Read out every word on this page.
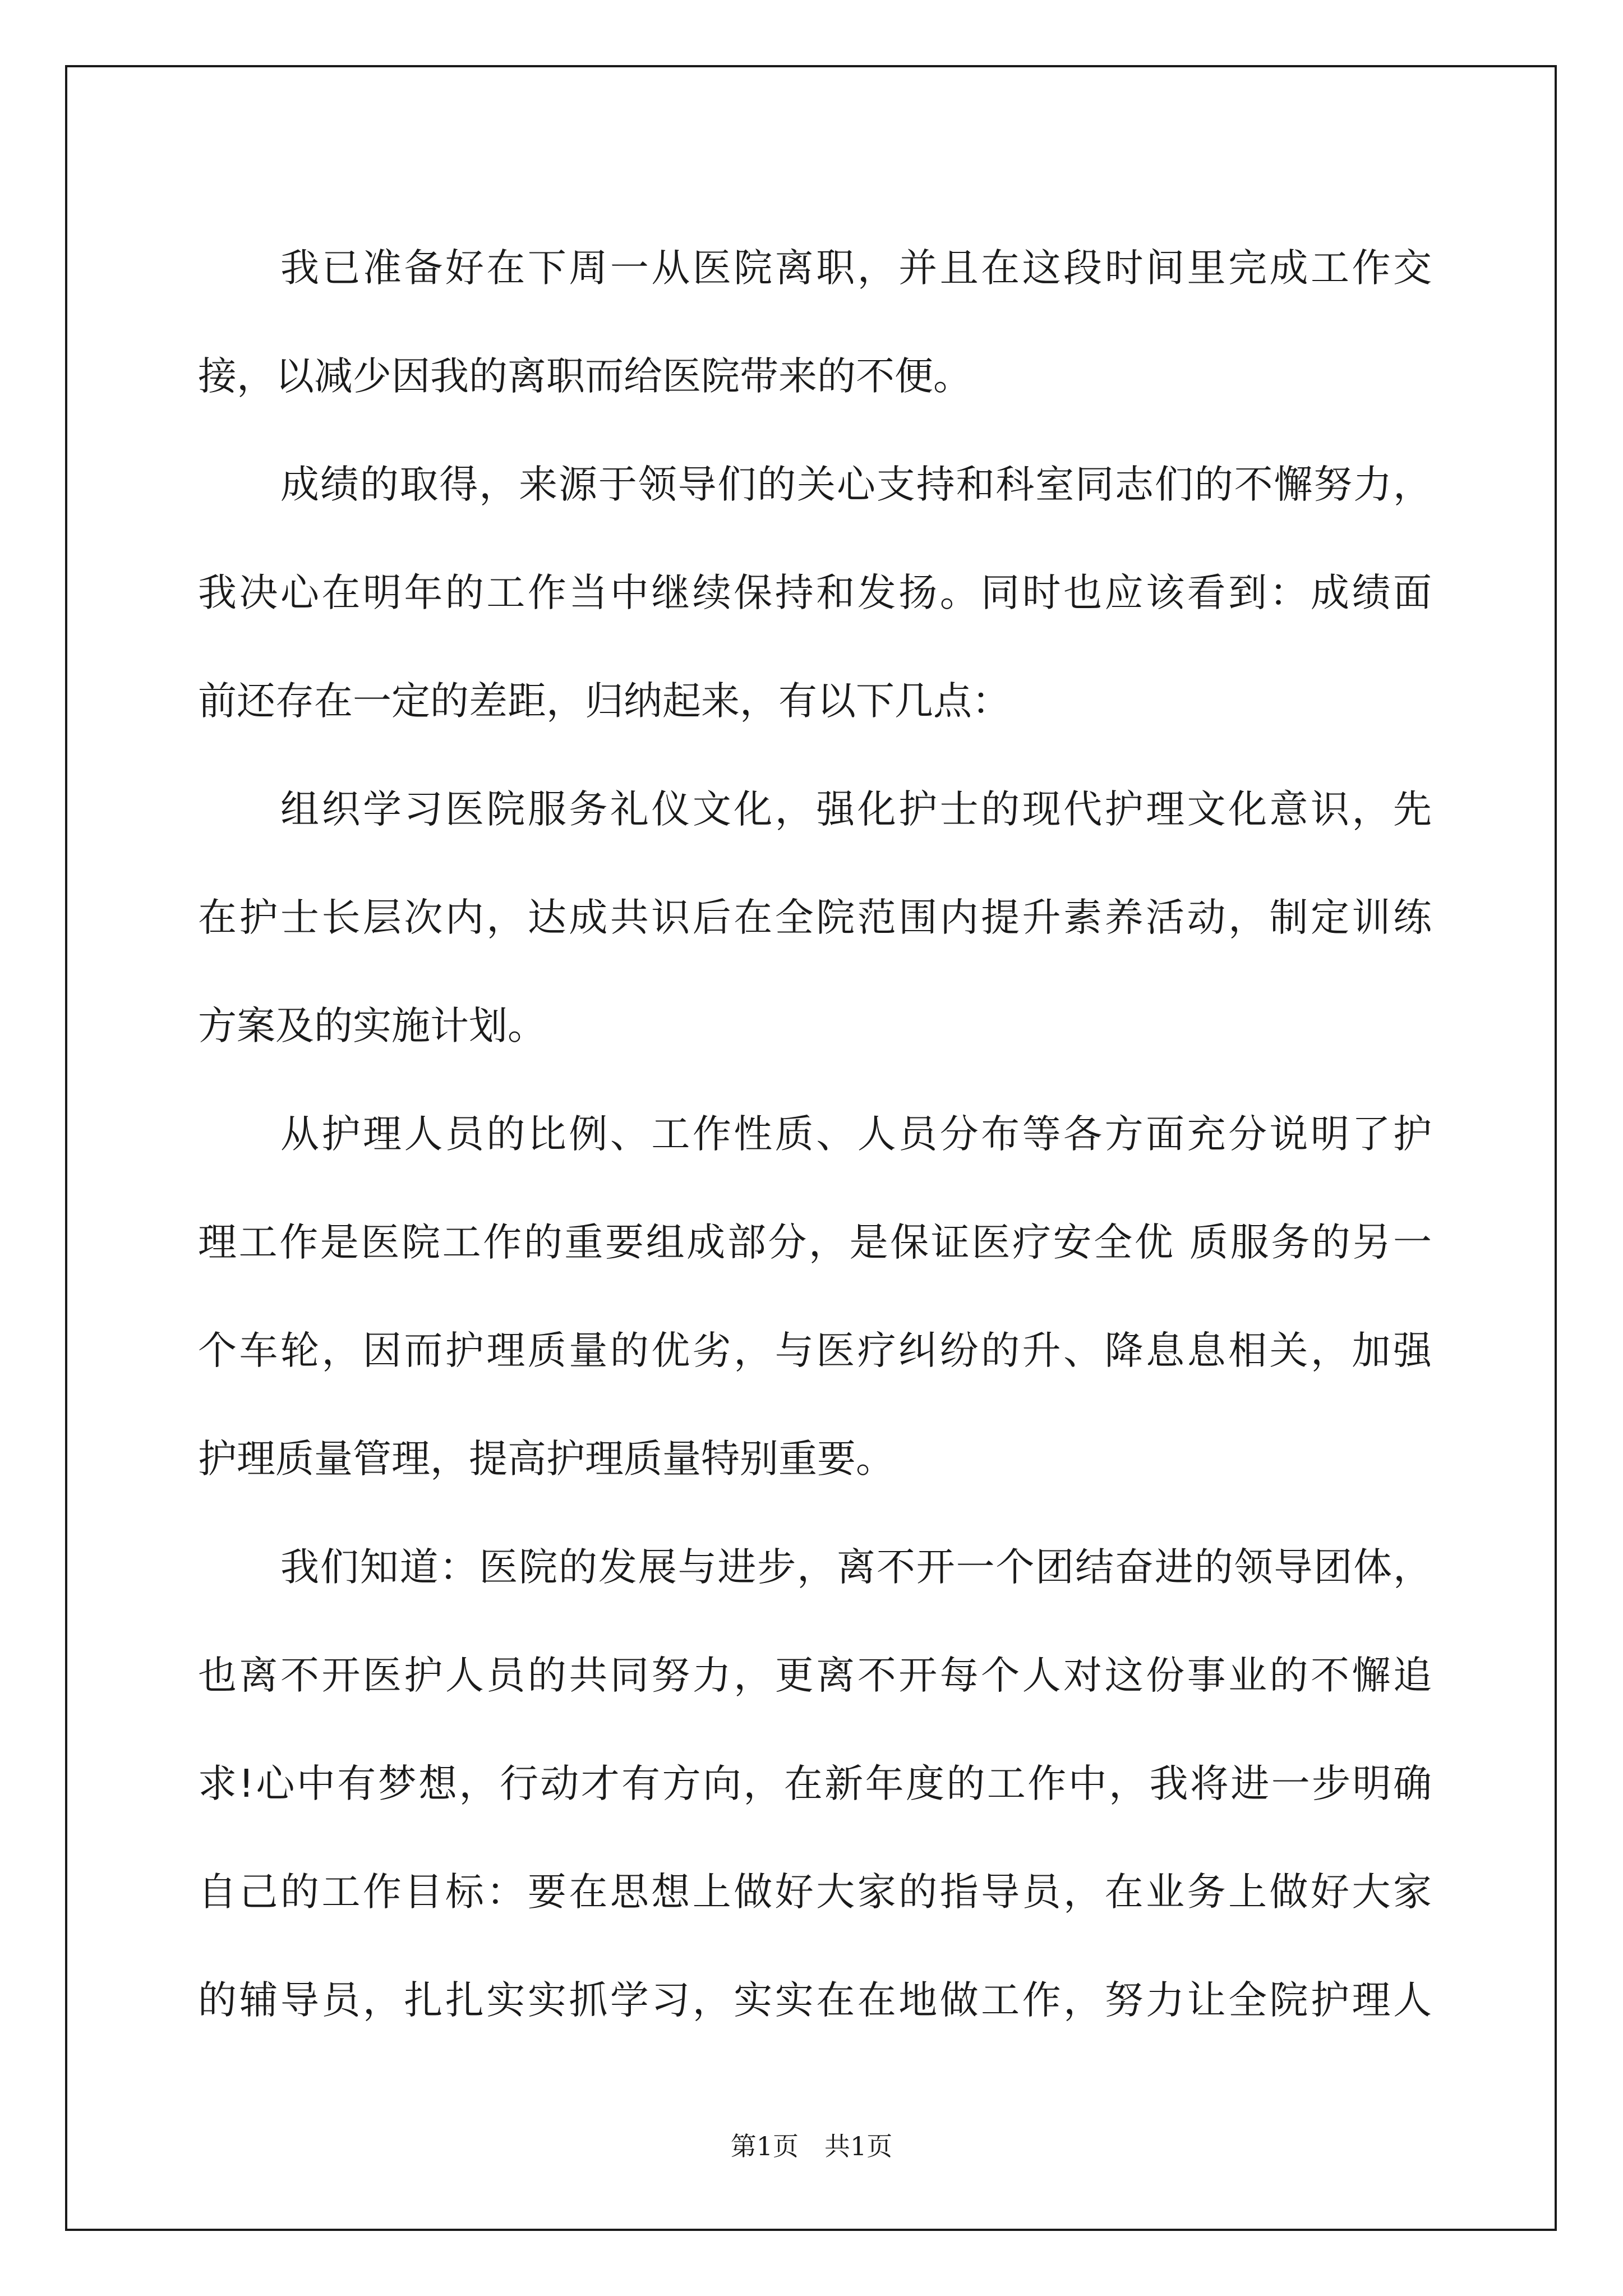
我已准备好在下周一从医院离职，并且在这段时间里完成工作交
接，以减少因我的离职而给医院带来的不便。
成绩的取得，来源于领导们的关心支持和科室同志们的不懈努力，
我决心在明年的工作当中继续保持和发扬。同时也应该看到：成绩面
前还存在一定的差距，归纳起来，有以下几点：
组织学习医院服务礼仪文化，强化护士的现代护理文化意识，先
在护士长层次内，达成共识后在全院范围内提升素养活动，制定训练
方案及的实施计划。
从护理人员的比例、工作性质、人员分布等各方面充分说明了护
理工作是医院工作的重要组成部分，是保证医疗安全优 质服务的另一
个车轮，因而护理质量的优劣，与医疗纠纷的升、降息息相关，加强
护理质量管理，提高护理质量特别重要。
我们知道：医院的发展与进步，离不开一个团结奋进的领导团体，
也离不开医护人员的共同努力，更离不开每个人对这份事业的不懈追
求!心中有梦想，行动才有方向，在新年度的工作中，我将进一步明确
自己的工作目标：要在思想上做好大家的指导员，在业务上做好大家
的辅导员，扎扎实实抓学习，实实在在地做工作，努力让全院护理人
第1页　共1页
